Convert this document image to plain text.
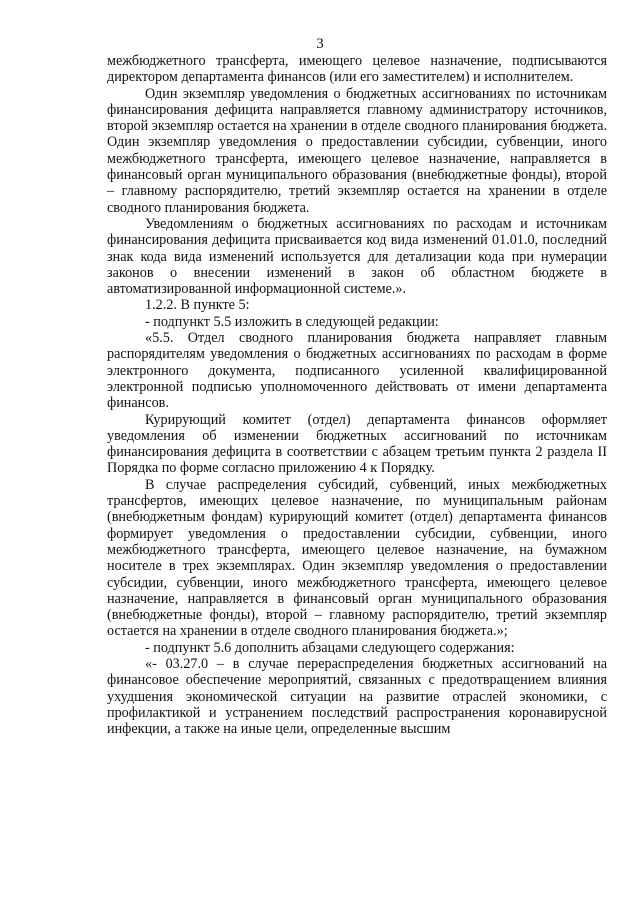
3

межбюджетного трансферта, имеющего целевое назначение, подписываются директором департамента финансов (или его заместителем) и исполнителем.

Один экземпляр уведомления о бюджетных ассигнованиях по источникам финансирования дефицита направляется главному администратору источников, второй экземпляр остается на хранении в отделе сводного планирования бюджета. Один экземпляр уведомления о предоставлении субсидии, субвенции, иного межбюджетного трансферта, имеющего целевое назначение, направляется в финансовый орган муниципального образования (внебюджетные фонды), второй – главному распорядителю, третий экземпляр остается на хранении в отделе сводного планирования бюджета.

Уведомлениям о бюджетных ассигнованиях по расходам и источникам финансирования дефицита присваивается код вида изменений 01.01.0, последний знак кода вида изменений используется для детализации кода при нумерации законов о внесении изменений в закон об областном бюджете в автоматизированной информационной системе.».

1.2.2. В пункте 5:

- подпункт 5.5 изложить в следующей редакции:

«5.5. Отдел сводного планирования бюджета направляет главным распорядителям уведомления о бюджетных ассигнованиях по расходам в форме электронного документа, подписанного усиленной квалифицированной электронной подписью уполномоченного действовать от имени департамента финансов.

Курирующий комитет (отдел) департамента финансов оформляет уведомления об изменении бюджетных ассигнований по источникам финансирования дефицита в соответствии с абзацем третьим пункта 2 раздела II Порядка по форме согласно приложению 4 к Порядку.

В случае распределения субсидий, субвенций, иных межбюджетных трансфертов, имеющих целевое назначение, по муниципальным районам (внебюджетным фондам) курирующий комитет (отдел) департамента финансов формирует уведомления о предоставлении субсидии, субвенции, иного межбюджетного трансферта, имеющего целевое назначение, на бумажном носителе в трех экземплярах. Один экземпляр уведомления о предоставлении субсидии, субвенции, иного межбюджетного трансферта, имеющего целевое назначение, направляется в финансовый орган муниципального образования (внебюджетные фонды), второй – главному распорядителю, третий экземпляр остается на хранении в отделе сводного планирования бюджета.»;

- подпункт 5.6 дополнить абзацами следующего содержания:

«- 03.27.0 – в случае перераспределения бюджетных ассигнований на финансовое обеспечение мероприятий, связанных с предотвращением влияния ухудшения экономической ситуации на развитие отраслей экономики, с профилактикой и устранением последствий распространения коронавирусной инфекции, а также на иные цели, определенные высшим
